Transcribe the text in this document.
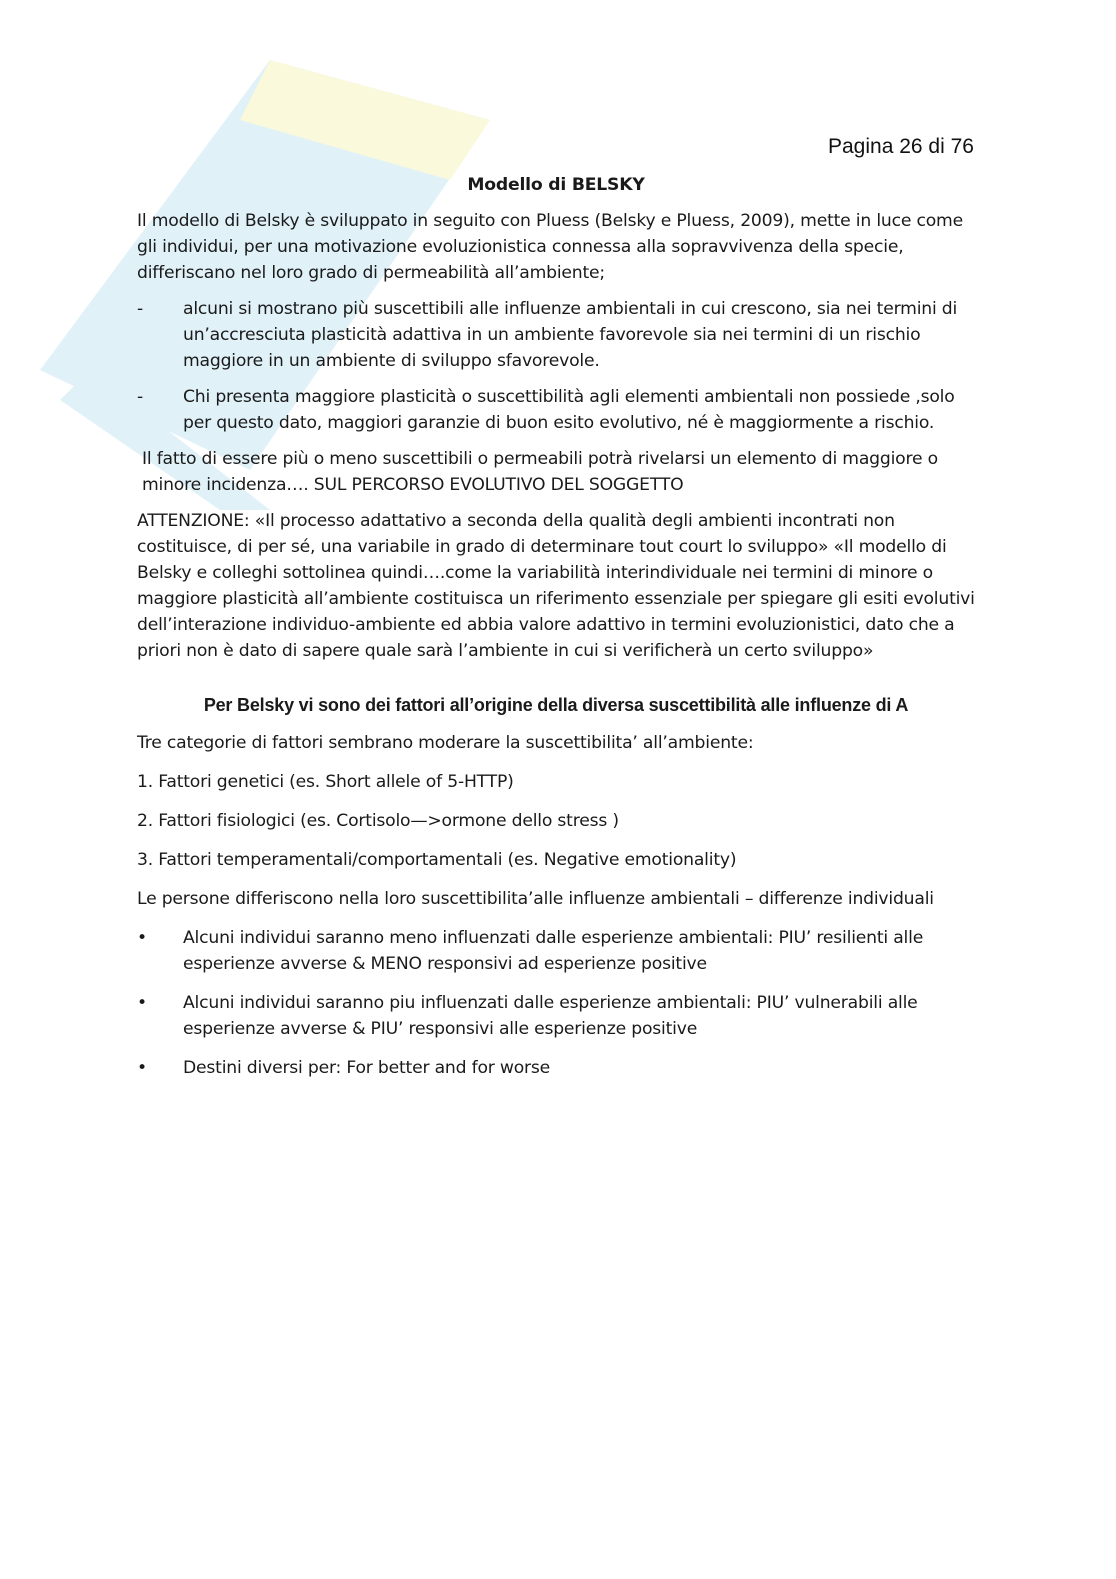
Pagina 26 di 76
Modello di BELSKY

Il modello di Belsky è sviluppato in seguito con Pluess (Belsky e Pluess, 2009), mette in luce come gli individui, per una motivazione evoluzionistica connessa alla sopravvivenza della specie, differiscano nel loro grado di permeabilità all’ambiente;

- alcuni si mostrano più suscettibili alle influenze ambientali in cui crescono, sia nei termini di un’accresciuta plasticità adattiva in un ambiente favorevole sia nei termini di un rischio maggiore in un ambiente di sviluppo sfavorevole.
- Chi presenta maggiore plasticità o suscettibilità agli elementi ambientali non possiede ,solo per questo dato, maggiori garanzie di buon esito evolutivo, né è maggiormente a rischio.

Il fatto di essere più o meno suscettibili o permeabili potrà rivelarsi un elemento di maggiore o minore incidenza…. SUL PERCORSO EVOLUTIVO DEL SOGGETTO

ATTENZIONE: «Il processo adattativo a seconda della qualità degli ambienti incontrati non costituisce, di per sé, una variabile in grado di determinare tout court lo sviluppo» «Il modello di Belsky e colleghi sottolinea quindi….come la variabilità interindividuale nei termini di minore o maggiore plasticità all’ambiente costituisca un riferimento essenziale per spiegare gli esiti evolutivi dell’interazione individuo-ambiente ed abbia valore adattivo in termini evoluzionistici, dato che a priori non è dato di sapere quale sarà l’ambiente in cui si verificherà un certo sviluppo»

Per Belsky vi sono dei fattori all’origine della diversa suscettibilità alle influenze di A

Tre categorie di fattori sembrano moderare la suscettibilita’ all’ambiente:

1. Fattori genetici (es. Short allele of 5-HTTP)

2. Fattori fisiologici (es. Cortisolo—>ormone dello stress )

3. Fattori temperamentali/comportamentali (es. Negative emotionality)

Le persone differiscono nella loro suscettibilita’alle influenze ambientali – differenze individuali

• Alcuni individui saranno meno influenzati dalle esperienze ambientali: PIU’ resilienti alle esperienze avverse & MENO responsivi ad esperienze positive
• Alcuni individui saranno piu influenzati dalle esperienze ambientali: PIU’ vulnerabili alle esperienze avverse & PIU’ responsivi alle esperienze positive
• Destini diversi per: For better and for worse
